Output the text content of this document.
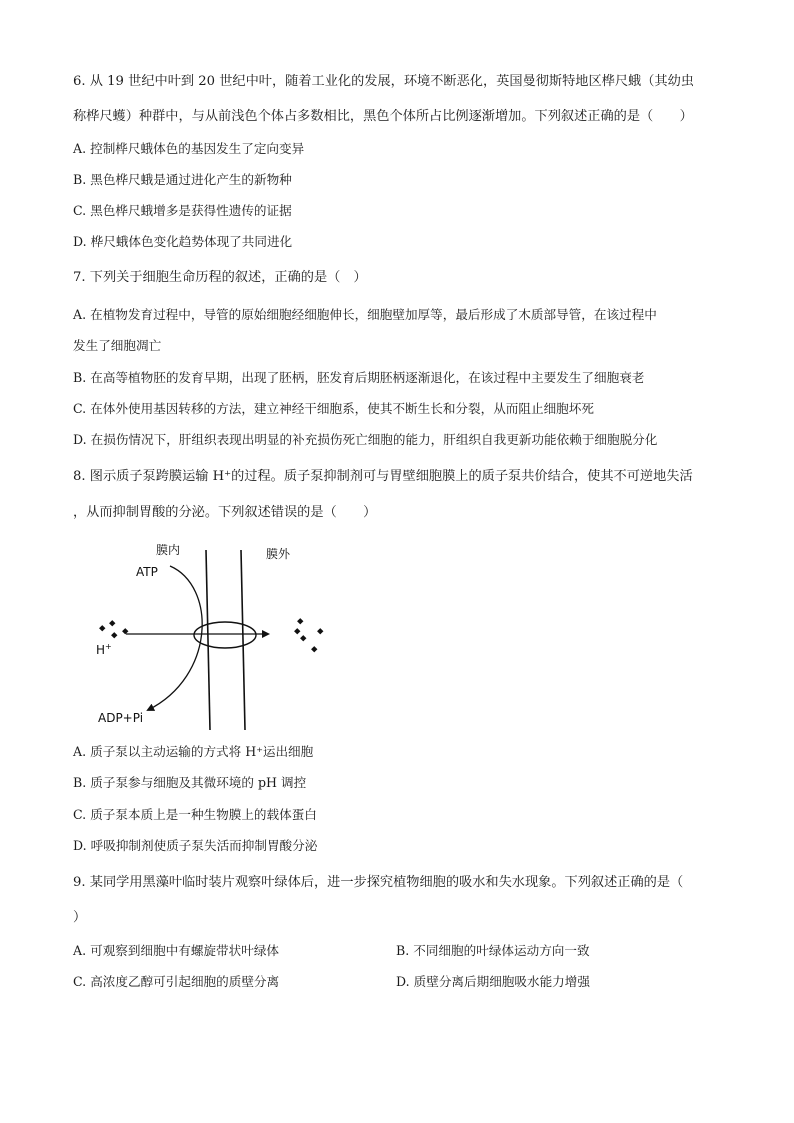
6. 从 19 世纪中叶到 20 世纪中叶，随着工业化的发展，环境不断恶化，英国曼彻斯特地区桦尺蛾（其幼虫
称桦尺蠖）种群中，与从前浅色个体占多数相比，黑色个体所占比例逐渐增加。下列叙述正确的是（　　）
A. 控制桦尺蛾体色的基因发生了定向变异
B. 黑色桦尺蛾是通过进化产生的新物种
C. 黑色桦尺蛾增多是获得性遗传的证据
D. 桦尺蛾体色变化趋势体现了共同进化
7. 下列关于细胞生命历程的叙述，正确的是（　）
A. 在植物发育过程中，导管的原始细胞经细胞伸长，细胞壁加厚等，最后形成了木质部导管，在该过程中
发生了细胞凋亡
B. 在高等植物胚的发育早期，出现了胚柄，胚发育后期胚柄逐渐退化，在该过程中主要发生了细胞衰老
C. 在体外使用基因转移的方法，建立神经干细胞系，使其不断生长和分裂，从而阻止细胞坏死
D. 在损伤情况下，肝组织表现出明显的补充损伤死亡细胞的能力，肝组织自我更新功能依赖于细胞脱分化
8. 图示质子泵跨膜运输 H⁺的过程。质子泵抑制剂可与胃壁细胞膜上的质子泵共价结合，使其不可逆地失活
，从而抑制胃酸的分泌。下列叙述错误的是（　　）
膜内	膜外
ATP
H+
ADP+Pi
A. 质子泵以主动运输的方式将 H⁺运出细胞
B. 质子泵参与细胞及其微环境的 pH 调控
C. 质子泵本质上是一种生物膜上的载体蛋白
D. 呼吸抑制剂使质子泵失活而抑制胃酸分泌
9. 某同学用黑藻叶临时装片观察叶绿体后，进一步探究植物细胞的吸水和失水现象。下列叙述正确的是（
）
A. 可观察到细胞中有螺旋带状叶绿体	B. 不同细胞的叶绿体运动方向一致
C. 高浓度乙醇可引起细胞的质壁分离	D. 质壁分离后期细胞吸水能力增强
